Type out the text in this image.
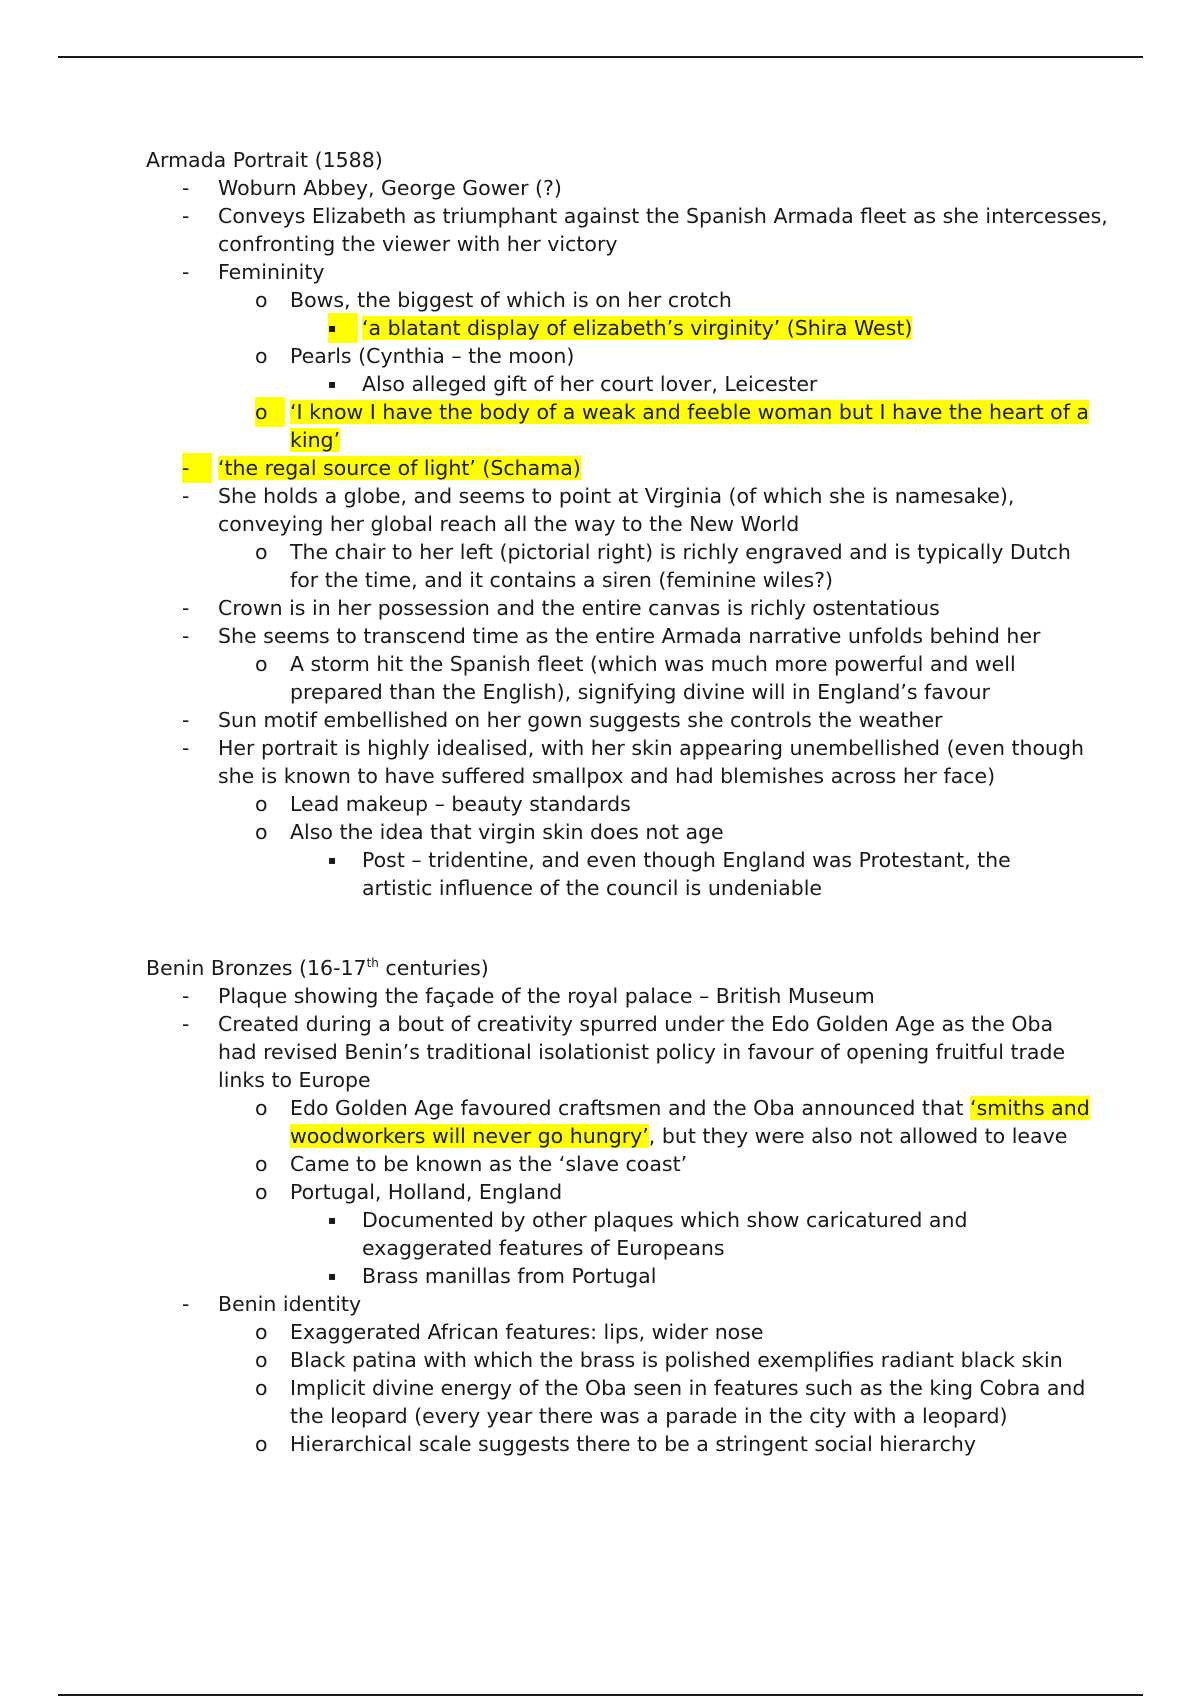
Armada Portrait (1588)
-	Woburn Abbey, George Gower (?)
-	Conveys Elizabeth as triumphant against the Spanish Armada fleet as she intercesses,
confronting the viewer with her victory
-	Femininity
o	Bows, the biggest of which is on her crotch
▪	‘a blatant display of elizabeth’s virginity’ (Shira West)
o	Pearls (Cynthia – the moon)
▪	Also alleged gift of her court lover, Leicester
o	‘I know I have the body of a weak and feeble woman but I have the heart of a
king’
-	‘the regal source of light’ (Schama)
-	She holds a globe, and seems to point at Virginia (of which she is namesake),
conveying her global reach all the way to the New World
o	The chair to her left (pictorial right) is richly engraved and is typically Dutch
for the time, and it contains a siren (feminine wiles?)
-	Crown is in her possession and the entire canvas is richly ostentatious
-	She seems to transcend time as the entire Armada narrative unfolds behind her
o	A storm hit the Spanish fleet (which was much more powerful and well
prepared than the English), signifying divine will in England’s favour
-	Sun motif embellished on her gown suggests she controls the weather
-	Her portrait is highly idealised, with her skin appearing unembellished (even though
she is known to have suffered smallpox and had blemishes across her face)
o	Lead makeup – beauty standards
o	Also the idea that virgin skin does not age
▪	Post – tridentine, and even though England was Protestant, the
artistic influence of the council is undeniable
Benin Bronzes (16-17th centuries)
-	Plaque showing the façade of the royal palace – British Museum
-	Created during a bout of creativity spurred under the Edo Golden Age as the Oba
had revised Benin’s traditional isolationist policy in favour of opening fruitful trade
links to Europe
o	Edo Golden Age favoured craftsmen and the Oba announced that ‘smiths and
woodworkers will never go hungry’, but they were also not allowed to leave
o	Came to be known as the ‘slave coast’
o	Portugal, Holland, England
▪	Documented by other plaques which show caricatured and
exaggerated features of Europeans
▪	Brass manillas from Portugal
-	Benin identity
o	Exaggerated African features: lips, wider nose
o	Black patina with which the brass is polished exemplifies radiant black skin
o	Implicit divine energy of the Oba seen in features such as the king Cobra and
the leopard (every year there was a parade in the city with a leopard)
o	Hierarchical scale suggests there to be a stringent social hierarchy
